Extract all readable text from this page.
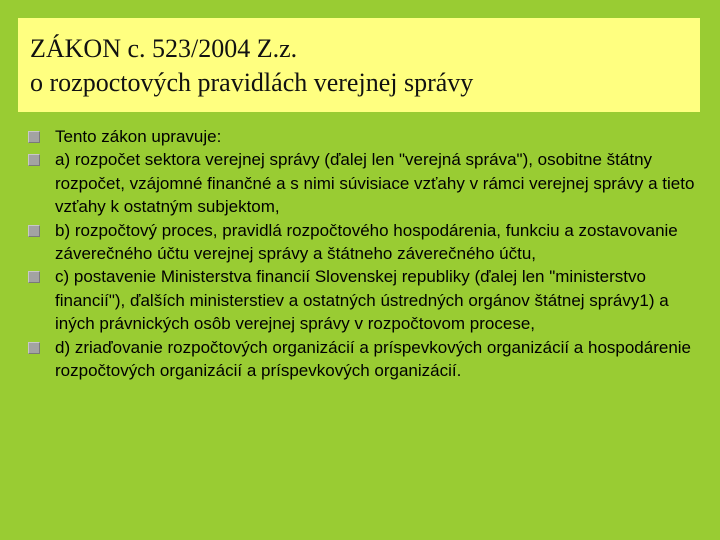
ZÁKON c. 523/2004 Z.z.
o rozpoctových pravidlách verejnej správy
Tento zákon upravuje:
a) rozpočet sektora verejnej správy (ďalej len "verejná správa"), osobitne štátny rozpočet, vzájomné finančné a s nimi súvisiace vzťahy v rámci verejnej správy a tieto vzťahy k ostatným subjektom,
b) rozpočtový proces, pravidlá rozpočtového hospodárenia, funkciu a zostavovanie záverečného účtu verejnej správy a štátneho záverečného účtu,
c) postavenie Ministerstva financií Slovenskej republiky (ďalej len "ministerstvo financií"), ďalších ministerstiev a ostatných ústredných orgánov štátnej správy1) a iných právnických osôb verejnej správy v rozpočtovom procese,
d) zriaďovanie rozpočtových organizácií a príspevkových organizácií a hospodárenie rozpočtových organizácií a príspevkových organizácií.
